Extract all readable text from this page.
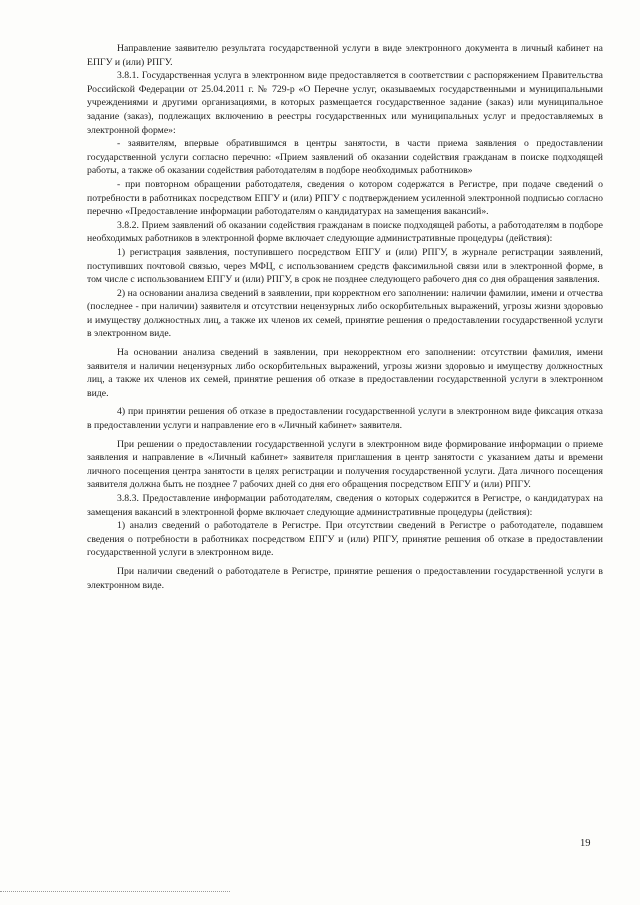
Направление заявителю результата государственной услуги в виде электронного документа в личный кабинет на ЕПГУ и (или) РПГУ.

3.8.1. Государственная услуга в электронном виде предоставляется в соответствии с распоряжением Правительства Российской Федерации от 25.04.2011 г. № 729-р «О Перечне услуг, оказываемых государственными и муниципальными учреждениями и другими организациями, в которых размещается государственное задание (заказ) или муниципальное задание (заказ), подлежащих включению в реестры государственных или муниципальных услуг и предоставляемых в электронной форме»:

- заявителям, впервые обратившимся в центры занятости, в части приема заявления о предоставлении государственной услуги согласно перечню: «Прием заявлений об оказании содействия гражданам в поиске подходящей работы, а также об оказании содействия работодателям в подборе необходимых работников»

- при повторном обращении работодателя, сведения о котором содержатся в Регистре, при подаче сведений о потребности в работниках посредством ЕПГУ и (или) РПГУ с подтверждением усиленной электронной подписью согласно перечню «Предоставление информации работодателям о кандидатурах на замещения вакансий».

3.8.2. Прием заявлений об оказании содействия гражданам в поиске подходящей работы, а работодателям в подборе необходимых работников в электронной форме включает следующие административные процедуры (действия):

1) регистрация заявления, поступившего посредством ЕПГУ и (или) РПГУ, в журнале регистрации заявлений, поступивших почтовой связью, через МФЦ, с использованием средств факсимильной связи или в электронной форме, в том числе с использованием ЕПГУ и (или) РПГУ, в срок не позднее следующего рабочего дня со дня обращения заявления.

2) на основании анализа сведений в заявлении, при корректном его заполнении: наличии фамилии, имени и отчества (последнее - при наличии) заявителя и отсутствии нецензурных либо оскорбительных выражений, угрозы жизни здоровью и имуществу должностных лиц, а также их членов их семей, принятие решения о предоставлении государственной услуги в электронном виде.

На основании анализа сведений в заявлении, при некорректном его заполнении: отсутствии фамилия, имени заявителя и наличии нецензурных либо оскорбительных выражений, угрозы жизни здоровью и имуществу должностных лиц, а также их членов их семей, принятие решения об отказе в предоставлении государственной услуги в электронном виде.

4) при принятии решения об отказе в предоставлении государственной услуги в электронном виде фиксация отказа в предоставлении услуги и направление его в «Личный кабинет» заявителя.

При решении о предоставлении государственной услуги в электронном виде формирование информации о приеме заявления и направление в «Личный кабинет» заявителя приглашения в центр занятости с указанием даты и времени личного посещения центра занятости в целях регистрации и получения государственной услуги. Дата личного посещения заявителя должна быть не позднее 7 рабочих дней со дня его обращения посредством ЕПГУ и (или) РПГУ.

3.8.3. Предоставление информации работодателям, сведения о которых содержится в Регистре, о кандидатурах на замещения вакансий в электронной форме включает следующие административные процедуры (действия):

1) анализ сведений о работодателе в Регистре. При отсутствии сведений в Регистре о работодателе, подавшем сведения о потребности в работниках посредством ЕПГУ и (или) РПГУ, принятие решения об отказе в предоставлении государственной услуги в электронном виде.

При наличии сведений о работодателе в Регистре, принятие решения о предоставлении государственной услуги в электронном виде.

19
